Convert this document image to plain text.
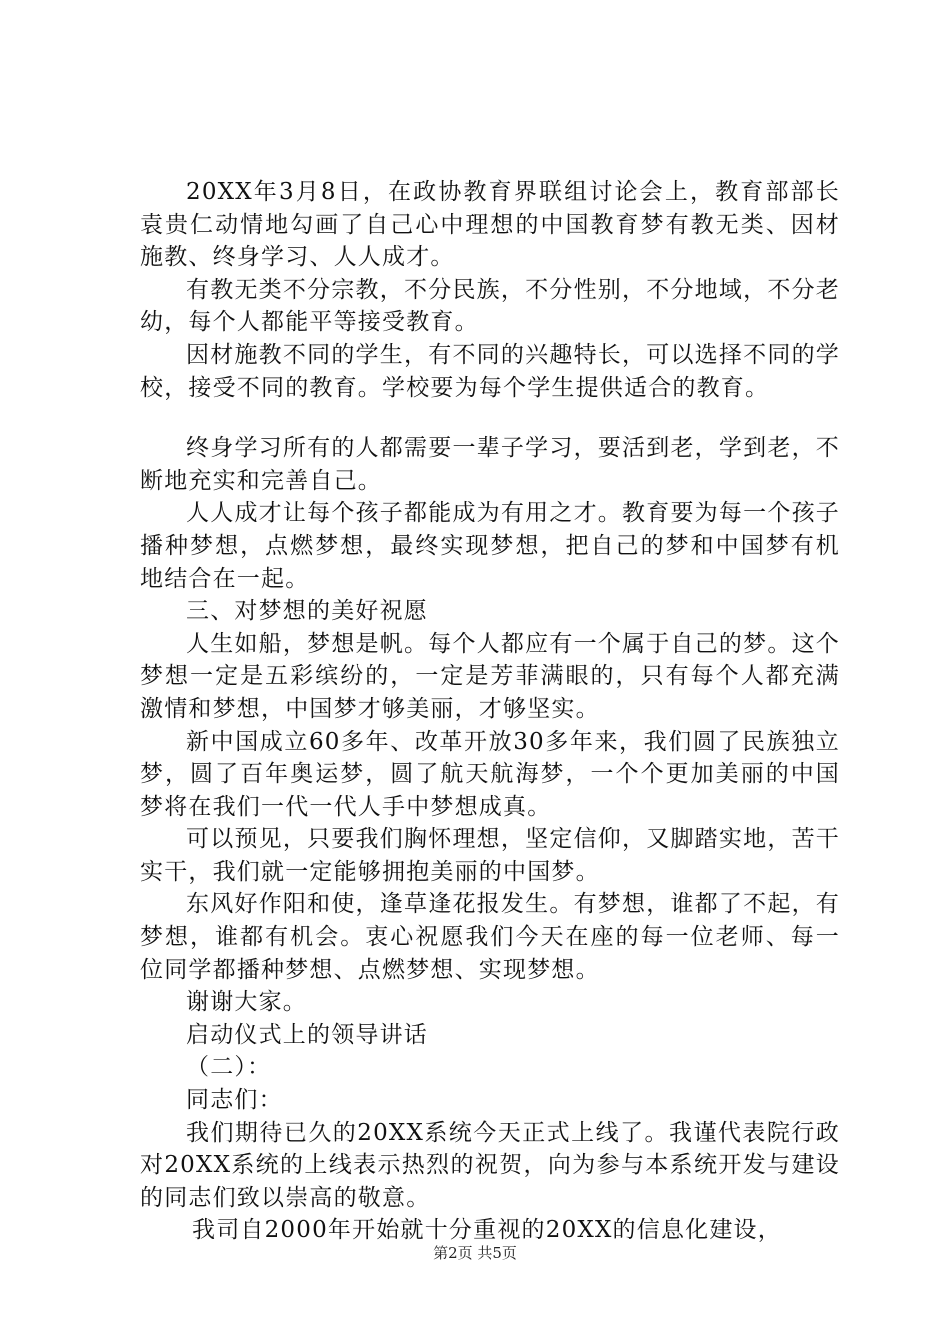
20XX年3月8日，在政协教育界联组讨论会上，教育部部长袁贵仁动情地勾画了自己心中理想的中国教育梦有教无类、因材施教、终身学习、人人成才。

有教无类不分宗教，不分民族，不分性别，不分地域，不分老幼，每个人都能平等接受教育。

因材施教不同的学生，有不同的兴趣特长，可以选择不同的学校，接受不同的教育。学校要为每个学生提供适合的教育。

终身学习所有的人都需要一辈子学习，要活到老，学到老，不断地充实和完善自己。

人人成才让每个孩子都能成为有用之才。教育要为每一个孩子播种梦想，点燃梦想，最终实现梦想，把自己的梦和中国梦有机地结合在一起。

三、对梦想的美好祝愿

人生如船，梦想是帆。每个人都应有一个属于自己的梦。这个梦想一定是五彩缤纷的，一定是芳菲满眼的，只有每个人都充满激情和梦想，中国梦才够美丽，才够坚实。

新中国成立60多年、改革开放30多年来，我们圆了民族独立梦，圆了百年奥运梦，圆了航天航海梦，一个个更加美丽的中国梦将在我们一代一代人手中梦想成真。

可以预见，只要我们胸怀理想，坚定信仰，又脚踏实地，苦干实干，我们就一定能够拥抱美丽的中国梦。

东风好作阳和使，逢草逢花报发生。有梦想，谁都了不起，有梦想，谁都有机会。衷心祝愿我们今天在座的每一位老师、每一位同学都播种梦想、点燃梦想、实现梦想。

谢谢大家。

启动仪式上的领导讲话

（二）：

同志们：

我们期待已久的20XX系统今天正式上线了。我谨代表院行政对20XX系统的上线表示热烈的祝贺，向为参与本系统开发与建设的同志们致以崇高的敬意。

我司自2000年开始就十分重视的20XX的信息化建设，

第2页 共5页
